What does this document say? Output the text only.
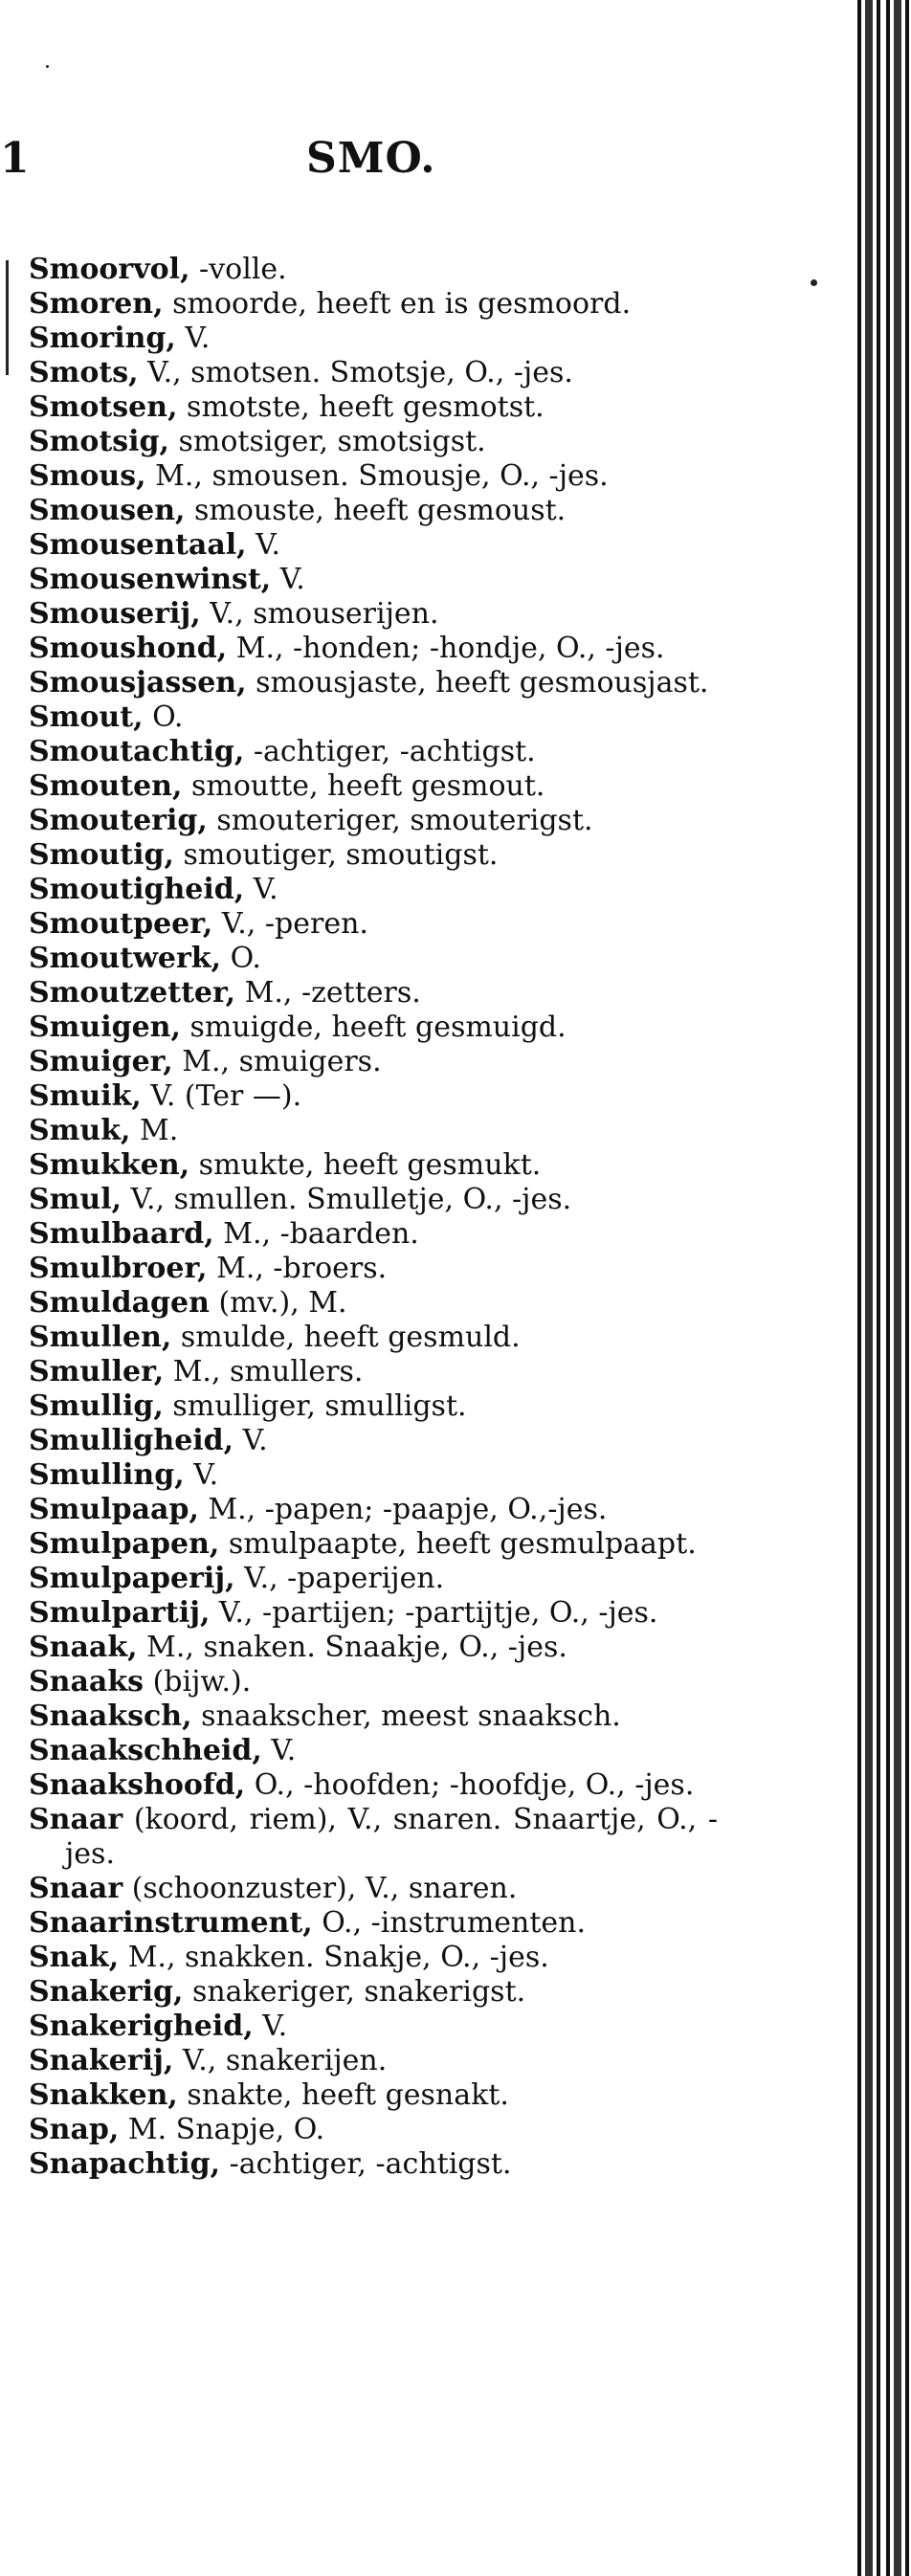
1	SMO.
Smoorvol, -volle.
Smoren, smoorde, heeft en is gesmoord.
Smoring, V.
Smots, V., smotsen. Smotsje, O., -jes.
Smotsen, smotste, heeft gesmotst.
Smotsig, smotsiger, smotsigst.
Smous, M., smousen. Smousje, O., -jes.
Smousen, smouste, heeft gesmoust.
Smousentaal, V.
Smousenwinst, V.
Smouserij, V., smouserijen.
Smoushond, M., -honden; -hondje, O., -jes.
Smousjassen, smousjaste, heeft gesmousjast.
Smout, O.
Smoutachtig, -achtiger, -achtigst.
Smouten, smoutte, heeft gesmout.
Smouterig, smouteriger, smouterigst.
Smoutig, smoutiger, smoutigst.
Smoutigheid, V.
Smoutpeer, V., -peren.
Smoutwerk, O.
Smoutzetter, M., -zetters.
Smuigen, smuigde, heeft gesmuigd.
Smuiger, M., smuigers.
Smuik, V. (Ter —).
Smuk, M.
Smukken, smukte, heeft gesmukt.
Smul, V., smullen. Smulletje, O., -jes.
Smulbaard, M., -baarden.
Smulbroer, M., -broers.
Smuldagen (mv.), M.
Smullen, smulde, heeft gesmuld.
Smuller, M., smullers.
Smullig, smulliger, smulligst.
Smulligheid, V.
Smulling, V.
Smulpaap, M., -papen; -paapje, O.,-jes.
Smulpapen, smulpaapte, heeft gesmulpaapt.
Smulpaperij, V., -paperijen.
Smulpartij, V., -partijen; -partijtje, O., -jes.
Snaak, M., snaken. Snaakje, O., -jes.
Snaaks (bijw.).
Snaaksch, snaakscher, meest snaaksch.
Snaakschheid, V.
Snaakshoofd, O., -hoofden; -hoofdje, O., -jes.
Snaar (koord, riem), V., snaren. Snaartje, O., -jes.
Snaar (schoonzuster), V., snaren.
Snaarinstrument, O., -instrumenten.
Snak, M., snakken. Snakje, O., -jes.
Snakerig, snakeriger, snakerigst.
Snakerigheid, V.
Snakerij, V., snakerijen.
Snakken, snakte, heeft gesnakt.
Snap, M. Snapje, O.
Snapachtig, -achtiger, -achtigst.
